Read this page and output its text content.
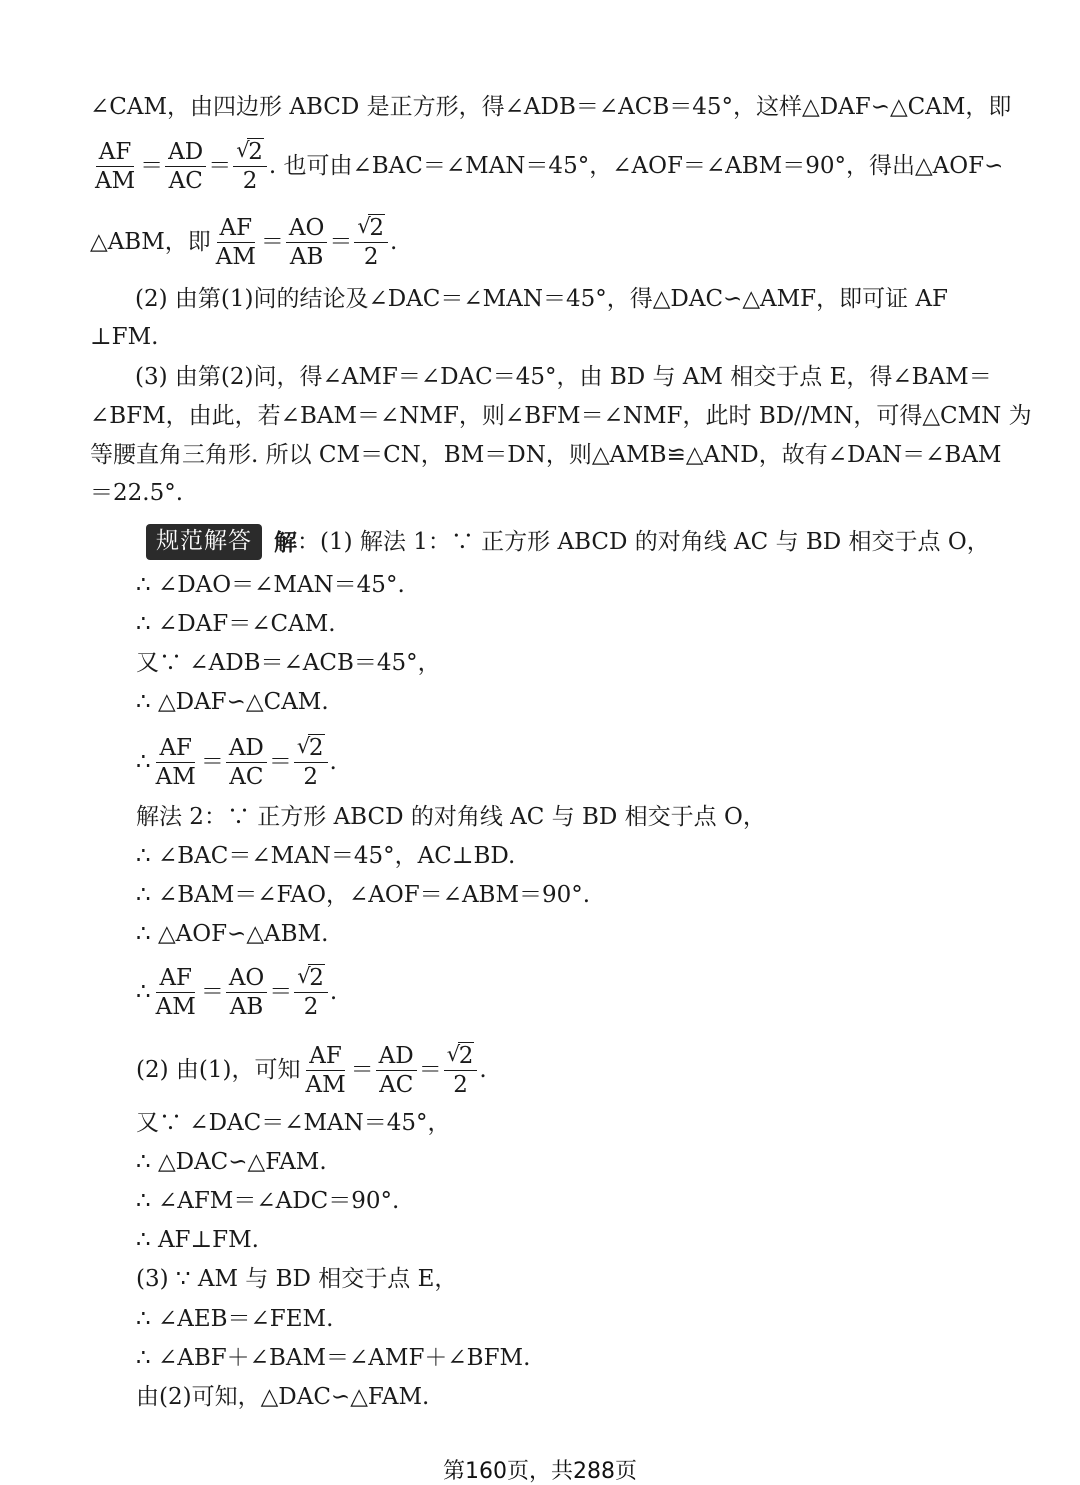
∠CAM，由四边形 ABCD 是正方形，得∠ADB＝∠ACB＝45°，这样△DAF∽△CAM，即
$\frac{AF}{AM} = \frac{AD}{AC}$ ＝ √ $\frac{2}{2}$ . 也可由∠BAC＝∠MAN＝45°，∠AOF＝∠ABM＝90°，得出△AOF∽
△ABM，即 $\frac{AF}{AM} = \frac{AO}{AB}$ ＝ √ $\frac{2}{2}$ .
(2) 由第(1)问的结论及∠DAC＝∠MAN＝45°，得△DAC∽△AMF，即可证 AF
⊥FM.
(3) 由第(2)问，得∠AMF＝∠DAC＝45°，由 BD 与 AM 相交于点 E，得∠BAM＝
∠BFM，由此，若∠BAM＝∠NMF，则∠BFM＝∠NMF，此时 BD//MN，可得△CMN 为
等腰直角三角形. 所以 CM＝CN，BM＝DN，则△AMB≌△AND，故有∠DAN＝∠BAM
＝22.5°.
规范解答 解 ：(1) 解法 1：∵ 正方形 ABCD 的对角线 AC 与 BD 相交于点 O，
∴ ∠DAO＝∠MAN＝45°.
∴ ∠DAF＝∠CAM.
又∵ ∠ADB＝∠ACB＝45°，
∴ △DAF∽△CAM.
∴ $\frac{AF}{AM} = \frac{AD}{AC}$ ＝ √ $\frac{2}{2}$ .
解法 2：∵ 正方形 ABCD 的对角线 AC 与 BD 相交于点 O，
∴ ∠BAC＝∠MAN＝45°，AC⊥BD.
∴ ∠BAM＝∠FAO，∠AOF＝∠ABM＝90°.
∴ △AOF∽△ABM.
∴ $\frac{AF}{AM} = \frac{AO}{AB}$ ＝ √ $\frac{2}{2}$ .
(2) 由(1)，可知 $\frac{AF}{AM} = \frac{AD}{AC}$ ＝ √ $\frac{2}{2}$ .
又∵ ∠DAC＝∠MAN＝45°，
∴ △DAC∽△FAM.
∴ ∠AFM＝∠ADC＝90°.
∴ AF⊥FM.
(3) ∵ AM 与 BD 相交于点 E，
∴ ∠AEB＝∠FEM.
∴ ∠ABF＋∠BAM＝∠AMF＋∠BFM.
由(2)可知，△DAC∽△FAM.
第160页，共288页
